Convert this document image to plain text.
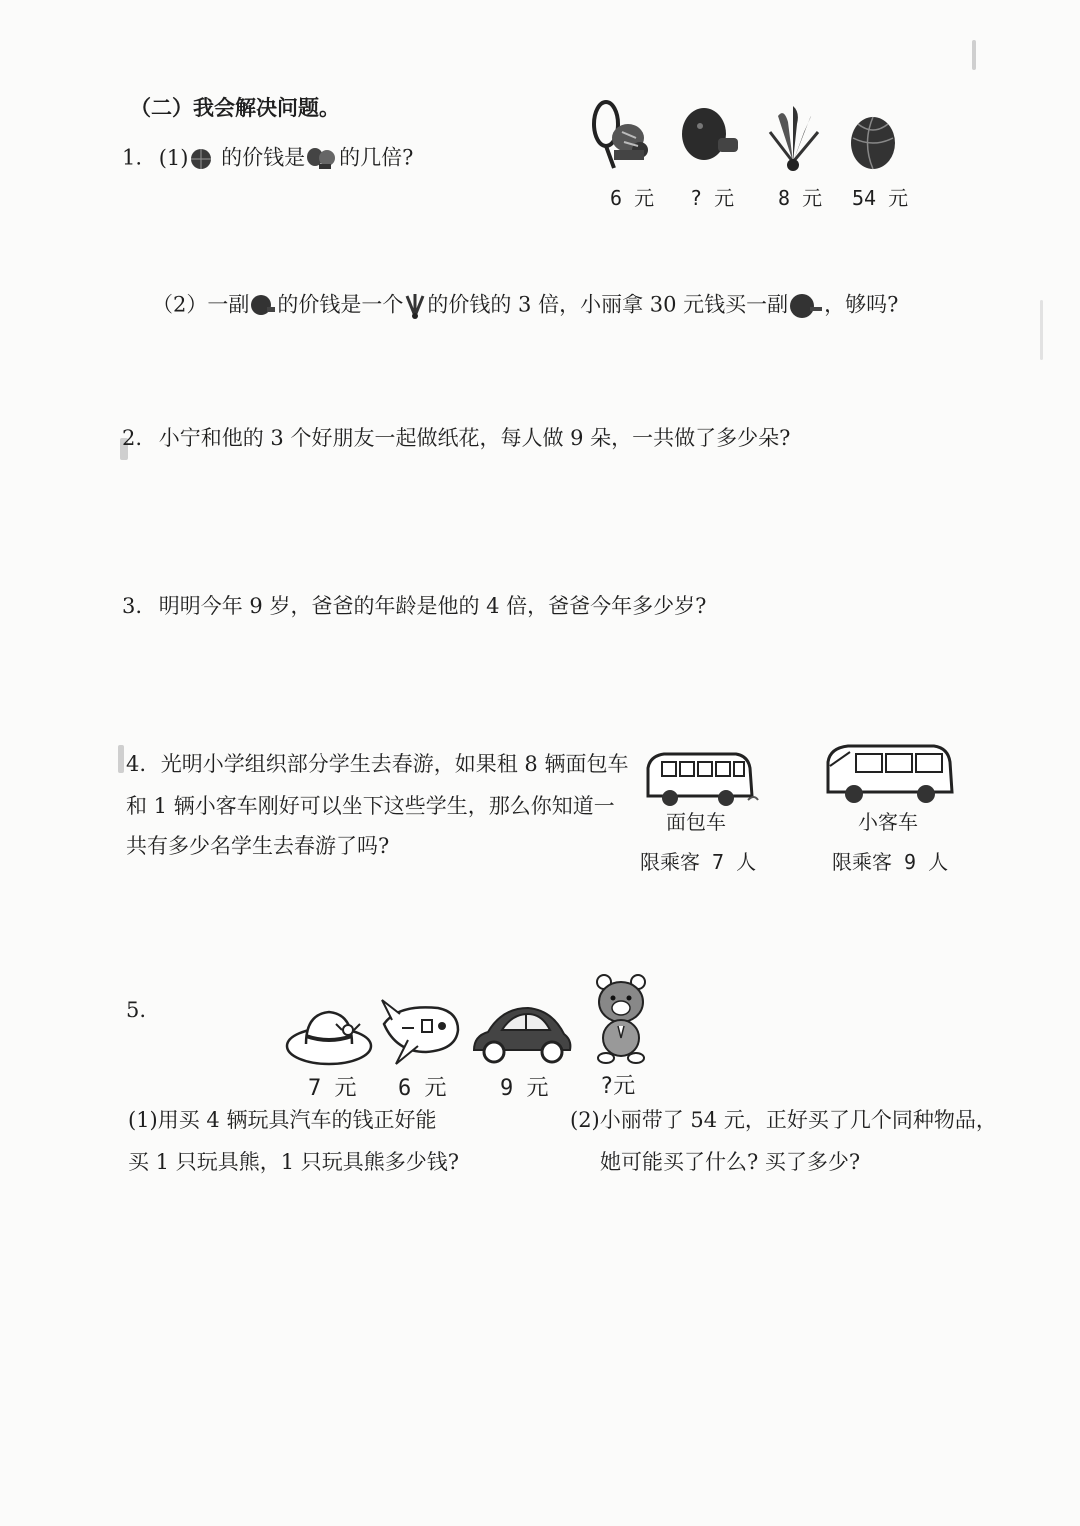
（二）我会解决问题。
1. (1) 的价钱是 的几倍?
6 元 ? 元 8 元 54 元
（2）一副 的价钱是一个 的价钱的 3 倍，小丽拿 30 元钱买一副 ，够吗?
2. 小宁和他的 3 个好朋友一起做纸花，每人做 9 朵，一共做了多少朵?
3. 明明今年 9 岁，爸爸的年龄是他的 4 倍，爸爸今年多少岁?
4. 光明小学组织部分学生去春游，如果租 8 辆面包车
和 1 辆小客车刚好可以坐下这些学生，那么你知道一
共有多少名学生去春游了吗?
面包车	小客车
限乘客 7 人	限乘客 9 人
5.
7 元 6 元 9 元 ?元
(1)用买 4 辆玩具汽车的钱正好能
买 1 只玩具熊，1 只玩具熊多少钱?
(2)小丽带了 54 元，正好买了几个同种物品，
她可能买了什么? 买了多少?
